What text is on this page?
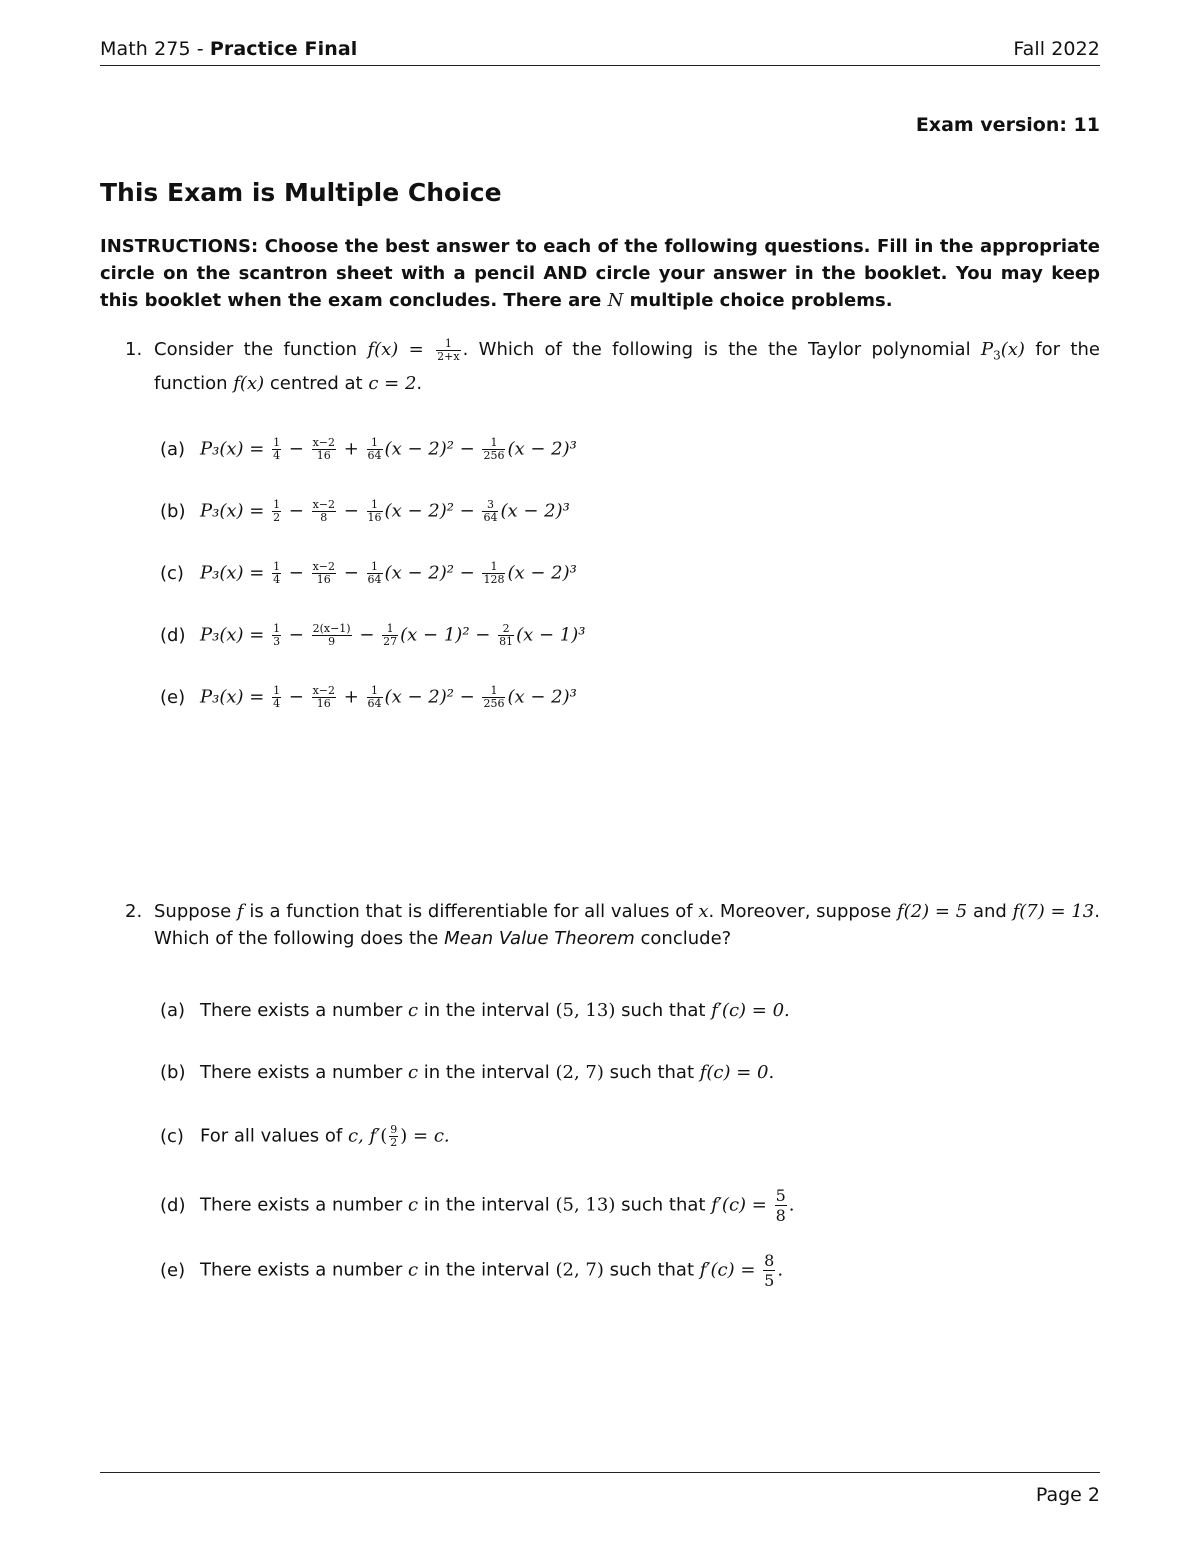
Math 275 - Practice Final	Fall 2022
Exam version: 11
This Exam is Multiple Choice
INSTRUCTIONS: Choose the best answer to each of the following questions. Fill in the appropriate circle on the scantron sheet with a pencil AND circle your answer in the booklet. You may keep this booklet when the exam concludes. There are N multiple choice problems.
1. Consider the function $f(x) = \frac{1}{2+x}$ . Which of the following is the the Taylor polynomial $P_3(x)$ for the function f(x) centred at c = 2.
(a) $P_3(x) = \frac{1}{4} - \frac{x-2}{16} + \frac{1}{64} (x - 2)^2 - \frac{1}{256} (x - 2)^3$
(b) $P_3(x) = \frac{1}{2} - \frac{x-2}{8} - \frac{1}{16} (x - 2)^2 - \frac{3}{64} (x - 2)^3$
(c) $P_3(x) = \frac{1}{4} - \frac{x-2}{16} - \frac{1}{64} (x - 2)^2 - \frac{1}{128} (x - 2)^3$
(d) $P_3(x) = \frac{1}{3} - \frac{2(x-1)}{9} - \frac{1}{27} (x - 1)^2 - \frac{2}{81} (x - 1)^3$
(e) $P_3(x) = \frac{1}{4} - \frac{x-2}{16} + \frac{1}{64} (x - 2)^2 - \frac{1}{256} (x - 2)^3$
2. Suppose f is a function that is differentiable for all values of x. Moreover, suppose f(2) = 5 and f(7) = 13. Which of the following does the Mean Value Theorem conclude?
(a) There exists a number c in the interval (5, 13) such that f′(c) = 0.
(b) There exists a number c in the interval (2, 7) such that f(c) = 0.
(c) For all values of c, $f'( \frac{9}{2}$ ) = c.
(d) There exists a number c in the interval (5, 13) such that $f'(c) = \frac{5}{8}$ .
(e) There exists a number c in the interval (2, 7) such that $f'(c) = \frac{8}{5}$ .
Page 2
